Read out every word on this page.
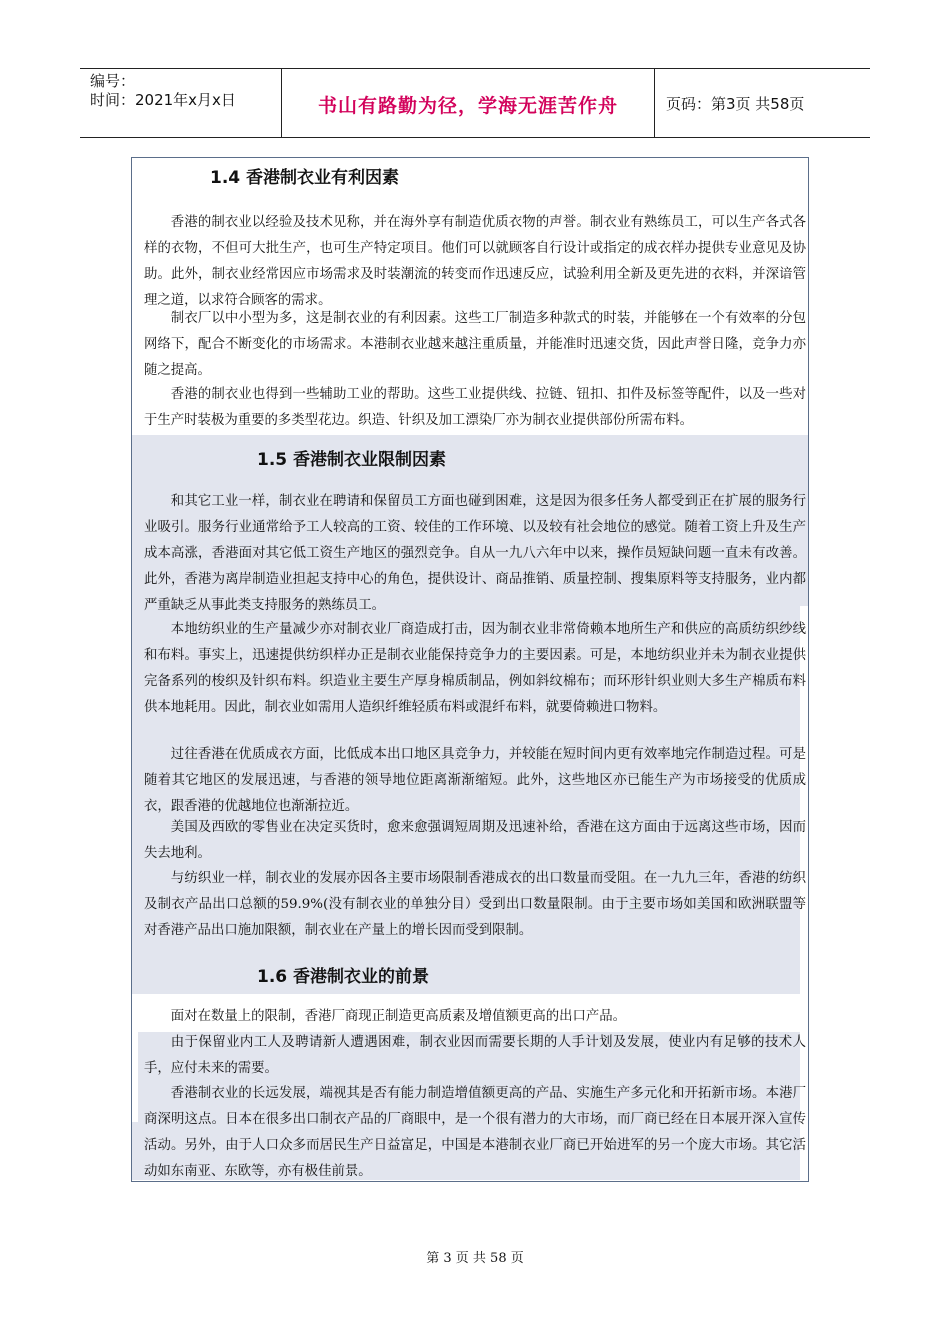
编号：
时间：2021年x月x日	书山有路勤为径，学海无涯苦作舟	页码：第3页 共58页
1.4 香港制衣业有利因素

香港的制衣业以经验及技术见称，并在海外享有制造优质衣物的声誉。制衣业有熟练员工，可以生产各式各样的衣物，不但可大批生产，也可生产特定项目。他们可以就顾客自行设计或指定的成衣样办提供专业意见及协助。此外，制衣业经常因应市场需求及时装潮流的转变而作迅速反应，试验利用全新及更先进的衣料，并深谙管理之道，以求符合顾客的需求。

制衣厂以中小型为多，这是制衣业的有利因素。这些工厂制造多种款式的时装，并能够在一个有效率的分包网络下，配合不断变化的市场需求。本港制衣业越来越注重质量，并能准时迅速交货，因此声誉日隆，竞争力亦随之提高。

香港的制衣业也得到一些辅助工业的帮助。这些工业提供线、拉链、钮扣、扣件及标签等配件，以及一些对于生产时装极为重要的多类型花边。织造、针织及加工漂染厂亦为制衣业提供部份所需布料。

1.5 香港制衣业限制因素

和其它工业一样，制衣业在聘请和保留员工方面也碰到困难，这是因为很多任务人都受到正在扩展的服务行业吸引。服务行业通常给予工人较高的工资、较佳的工作环境、以及较有社会地位的感觉。随着工资上升及生产成本高涨，香港面对其它低工资生产地区的强烈竞争。自从一九八六年中以来，操作员短缺问题一直未有改善。此外，香港为离岸制造业担起支持中心的角色，提供设计、商品推销、质量控制、搜集原料等支持服务，业内都严重缺乏从事此类支持服务的熟练员工。

本地纺织业的生产量减少亦对制衣业厂商造成打击，因为制衣业非常倚赖本地所生产和供应的高质纺织纱线和布料。事实上，迅速提供纺织样办正是制衣业能保持竞争力的主要因素。可是，本地纺织业并未为制衣业提供完备系列的梭织及针织布料。织造业主要生产厚身棉质制品，例如斜纹棉布；而环形针织业则大多生产棉质布料供本地耗用。因此，制衣业如需用人造织纤维轻质布料或混纤布料，就要倚赖进口物料。

过往香港在优质成衣方面，比低成本出口地区具竞争力，并较能在短时间内更有效率地完作制造过程。可是随着其它地区的发展迅速，与香港的领导地位距离渐渐缩短。此外，这些地区亦已能生产为市场接受的优质成衣，跟香港的优越地位也渐渐拉近。

美国及西欧的零售业在决定买货时，愈来愈强调短周期及迅速补给，香港在这方面由于远离这些市场，因而失去地利。

与纺织业一样，制衣业的发展亦因各主要市场限制香港成衣的出口数量而受阻。在一九九三年，香港的纺织及制衣产品出口总额的59.9%(没有制衣业的单独分目）受到出口数量限制。由于主要市场如美国和欧洲联盟等对香港产品出口施加限额，制衣业在产量上的增长因而受到限制。

1.6 香港制衣业的前景

面对在数量上的限制，香港厂商现正制造更高质素及增值额更高的出口产品。

由于保留业内工人及聘请新人遭遇困难，制衣业因而需要长期的人手计划及发展，使业内有足够的技术人手，应付未来的需要。

香港制衣业的长远发展，端视其是否有能力制造增值额更高的产品、实施生产多元化和开拓新市场。本港厂商深明这点。日本在很多出口制衣产品的厂商眼中，是一个很有潜力的大市场，而厂商已经在日本展开深入宣传活动。另外，由于人口众多而居民生产日益富足，中国是本港制衣业厂商已开始进军的另一个庞大市场。其它活动如东南亚、东欧等，亦有极佳前景。

第 3 页 共 58 页
